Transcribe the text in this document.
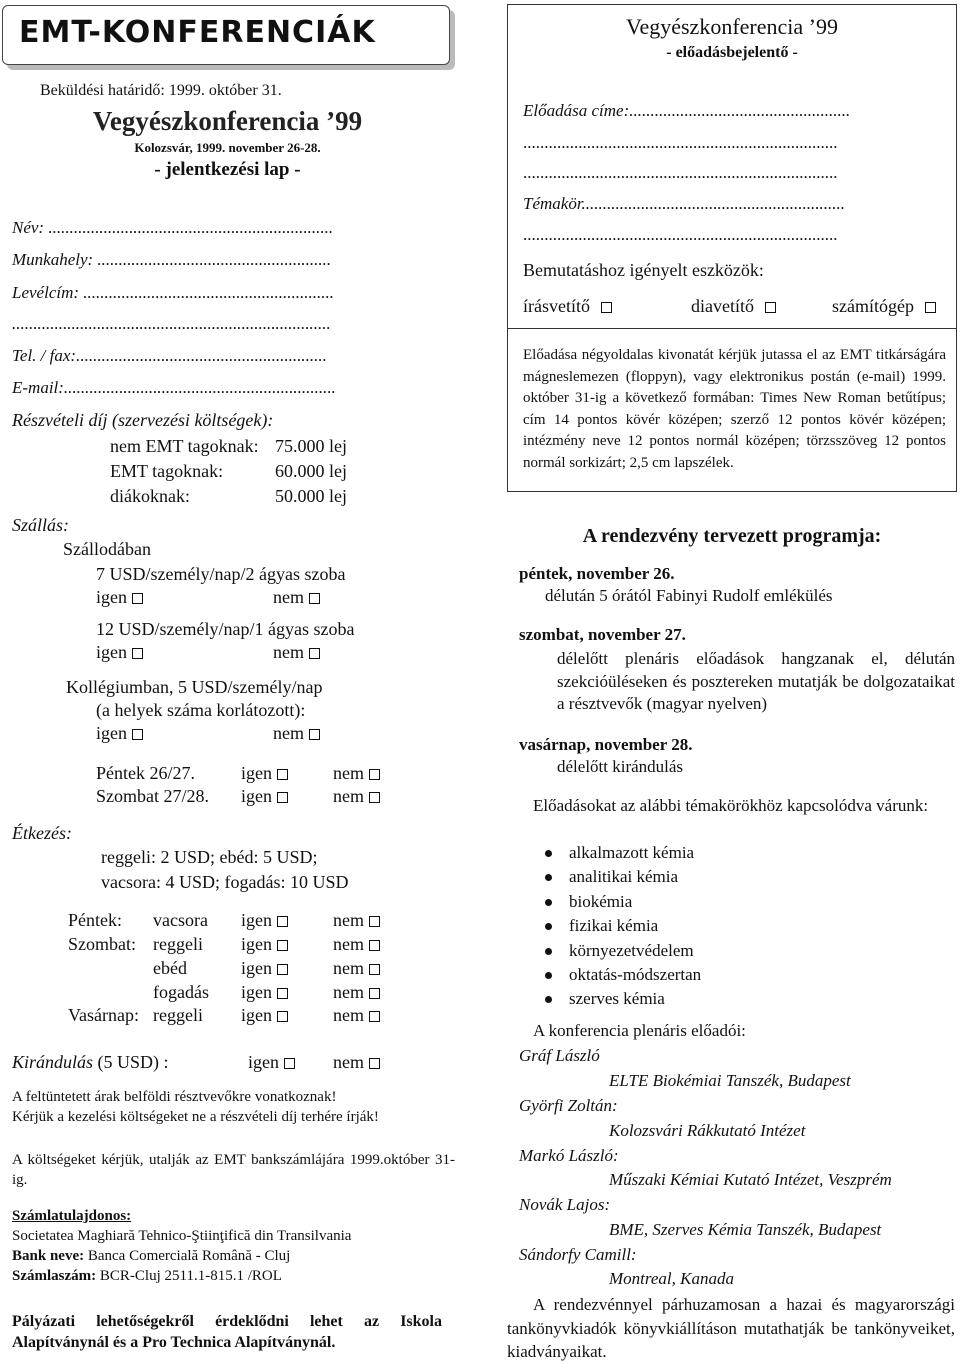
EMT-KONFERENCIÁK
Beküldési határidő: 1999. október 31.
Vegyészkonferencia ’99
Kolozsvár, 1999. november 26-28.
- jelentkezési lap -
Név: ...................................................................
Munkahely: .......................................................
Levélcím: ...........................................................
...........................................................................
Tel. / fax:...........................................................
E-mail:................................................................
Részvételi díj (szervezési költségek):
nem EMT tagoknak: 75.000 lej
EMT tagoknak:	60.000 lej
diákoknak:	50.000 lej
Szállás:
Szállodában
7 USD/személy/nap/2 ágyas szoba
igen	nem
12 USD/személy/nap/1 ágyas szoba
igen	nem
Kollégiumban, 5 USD/személy/nap
(a helyek száma korlátozott):
igen	nem
Péntek 26/27.	igen	nem
Szombat 27/28. igen	nem
Étkezés:
reggeli: 2 USD; ebéd: 5 USD;
vacsora: 4 USD; fogadás: 10 USD
Péntek: vacsora igen	nem
Szombat: reggeli igen	nem
ebéd	igen	nem
fogadás igen	nem
Vasárnap: reggeli igen	nem
Kirándulás (5 USD) :	igen	nem
A feltüntetett árak belföldi résztvevőkre vonatkoznak!
Kérjük a kezelési költségeket ne a részvételi díj terhére írják!
A költségeket kérjük, utalják az EMT bankszámlájára 1999.október 31-ig.
Számlatulajdonos:
Societatea Maghiară Tehnico-Ştiinţifică din Transilvania
Bank neve: Banca Comercială Română - Cluj
Számlaszám: BCR-Cluj 2511.1-815.1 /ROL
Pályázati lehetőségekről érdeklődni lehet az Iskola Alapítványnál és a Pro Technica Alapítványnál.
Vegyészkonferencia ’99
- előadásbejelentő -
Előadása címe:....................................................
..........................................................................
..........................................................................
Témakör..............................................................
..........................................................................
Bemutatáshoz igényelt eszközök:
írásvetítő	diavetítő	számítógép
Előadása négyoldalas kivonatát kérjük jutassa el az EMT titkárságára mágneslemezen (floppyn), vagy elektronikus postán (e-mail) 1999. október 31-ig a következő formában: Times New Roman betűtípus; cím 14 pontos kövér középen; szerző 12 pontos kövér középen; intézmény neve 12 pontos normál középen; törzsszöveg 12 pontos normál sorkizárt; 2,5 cm lapszélek.
A rendezvény tervezett programja:
péntek, november 26.
délután 5 órától Fabinyi Rudolf emlékülés
szombat, november 27.
délelőtt plenáris előadások hangzanak el, délután szekcióüléseken és posztereken mutatják be dolgozataikat a résztvevők (magyar nyelven)
vasárnap, november 28.
délelőtt kirándulás
Előadásokat az alábbi témakörökhöz kapcsolódva várunk:
alkalmazott kémia
analitikai kémia
biokémia
fizikai kémia
környezetvédelem
oktatás-módszertan
szerves kémia
A konferencia plenáris előadói:
Gráf László
ELTE Biokémiai Tanszék, Budapest
Györfi Zoltán:
Kolozsvári Rákkutató Intézet
Markó László:
Műszaki Kémiai Kutató Intézet, Veszprém
Novák Lajos:
BME, Szerves Kémia Tanszék, Budapest
Sándorfy Camill:
Montreal, Kanada
A rendezvénnyel párhuzamosan a hazai és magyarországi tankönyvkiadók könyvkiállításon mutathatják be tankönyveiket, kiadványaikat.
